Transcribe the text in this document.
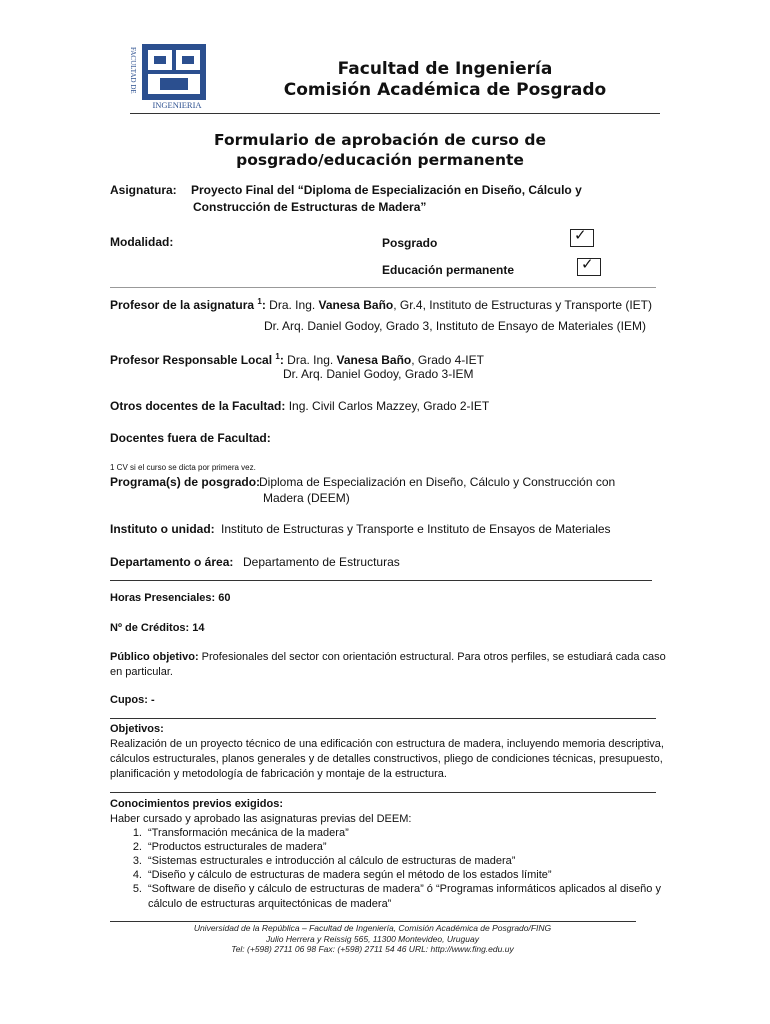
FACULTAD DE
INGENIERIA
Facultad de Ingeniería
Comisión Académica de Posgrado
Formulario de aprobación de curso de
posgrado/educación permanente
Asignatura: Proyecto Final del “Diploma de Especialización en Diseño, Cálculo y
Construcción de Estructuras de Madera”
Modalidad:	Posgrado	✓
Educación permanente	✓
Profesor de la asignatura $^1$: Dra. Ing. Vanesa Baño, Gr.4, Instituto de Estructuras y Transporte (IET)
Dr. Arq. Daniel Godoy, Grado 3, Instituto de Ensayo de Materiales (IEM)
Profesor Responsable Local $^1$: Dra. Ing. Vanesa Baño, Grado 4-IET
Dr. Arq. Daniel Godoy, Grado 3-IEM
Otros docentes de la Facultad: Ing. Civil Carlos Mazzey, Grado 2-IET
Docentes fuera de Facultad:
1 CV si el curso se dicta por primera vez.
Programa(s) de posgrado:
Diploma de Especialización en Diseño, Cálculo y Construcción con
Madera (DEEM)
Instituto o unidad: Instituto de Estructuras y Transporte e Instituto de Ensayos de Materiales
Departamento o área: Departamento de Estructuras
Horas Presenciales: 60
Nº de Créditos: 14
Público objetivo: Profesionales del sector con orientación estructural. Para otros perfiles, se estudiará cada caso
en particular.
Cupos: -
Objetivos:
Realización de un proyecto técnico de una edificación con estructura de madera, incluyendo memoria descriptiva,
cálculos estructurales, planos generales y de detalles constructivos, pliego de condiciones técnicas, presupuesto,
planificación y metodología de fabricación y montaje de la estructura.
Conocimientos previos exigidos:
Haber cursado y aprobado las asignaturas previas del DEEM:
1. “Transformación mecánica de la madera”
2. “Productos estructurales de madera”
3. “Sistemas estructurales e introducción al cálculo de estructuras de madera”
4. “Diseño y cálculo de estructuras de madera según el método de los estados límite”
5. “Software de diseño y cálculo de estructuras de madera” ó “Programas informáticos aplicados al diseño y
cálculo de estructuras arquitectónicas de madera”
Universidad de la República – Facultad de Ingeniería, Comisión Académica de Posgrado/FING
Julio Herrera y Reissig 565, 11300 Montevideo, Uruguay
Tel: (+598) 2711 06 98 Fax: (+598) 2711 54 46 URL: http://www.fing.edu.uy
